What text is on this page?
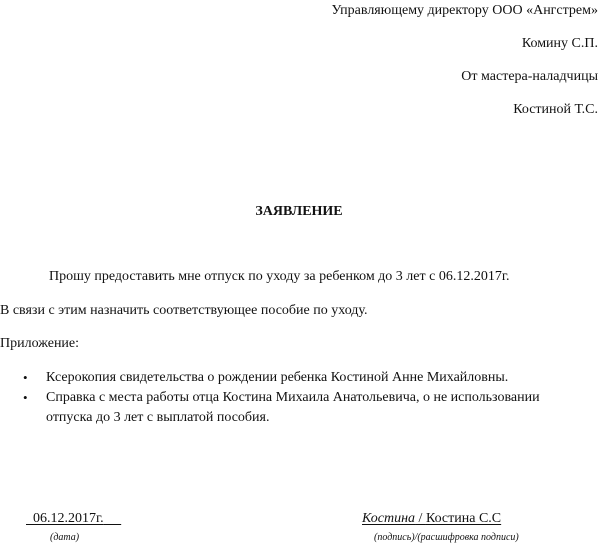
Управляющему директору ООО «Ангстрем»
Комину С.П.
От мастера-наладчицы
Костиной Т.С.
ЗАЯВЛЕНИЕ
Прошу предоставить мне отпуск по уходу за ребенком до 3 лет с 06.12.2017г.
В связи с этим назначить соответствующее пособие по уходу.
Приложение:
• Ксерокопия свидетельства о рождении ребенка Костиной Анне Михайловны.
• Справка с места работы отца Костина Михаила Анатольевича, о не использовании отпуска до 3 лет с выплатой пособия.
06.12.2017г.
(дата)
Костина / Костина С.С
(подпись)/(расшифровка подписи)
